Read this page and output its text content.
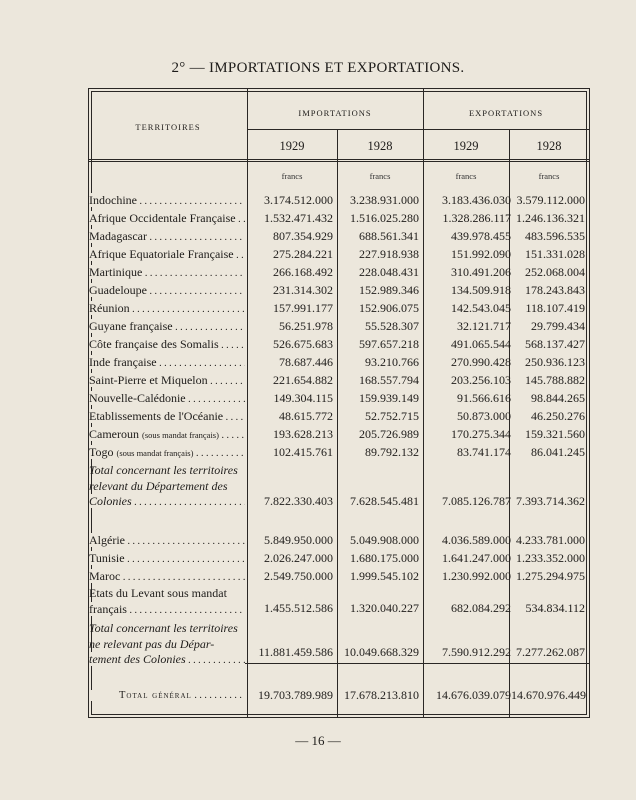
2° — IMPORTATIONS ET EXPORTATIONS.
TERRITOIRES
IMPORTATIONS	EXPORTATIONS
1929	1928	1929	1928
francs	francs	francs	francs
Indochine . . .	3.174.512.000	3.238.931.000	3.183.436.030 3.579.112.000
Afrique Occidentale Française . . .	1.532.471.432	1.516.025.280	1.328.286.117 1.246.136.321
Madagascar . . .	807.354.929	688.561.341	439.978.455	483.596.535
Afrique Equatoriale Française . . .	275.284.221	227.918.938	151.992.090	151.331.028
Martinique . . .	266.168.492	228.048.431	310.491.206	252.068.004
Guadeloupe . . .	231.314.302	152.989.346	134.509.918	178.243.843
Réunion . . .	157.991.177	152.906.075	142.543.045	118.107.419
Guyane française . . .	56.251.978	55.528.307	32.121.717	29.799.434
Côte française des Somalis . . .	526.675.683	597.657.218	491.065.544	568.137.427
Inde française . . .	78.687.446	93.210.766	270.990.428	250.936.123
Saint-Pierre et Miquelon . . .	221.654.882	168.557.794	203.256.103	145.788.882
Nouvelle-Calédonie . . .	149.304.115	159.939.149	91.566.616	98.844.265
Etablissements de l'Océanie . . .	48.615.772	52.752.715	50.873.000	46.250.276
Cameroun (sous mandat français) . . .	193.628.213	205.726.989	170.275.344	159.321.560
Togo (sous mandat français) . . .	102.415.761	89.792.132	83.741.174	86.041.245
Total concernant les territoires
relevant du Département des
Colonies . . .	7.822.330.403	7.628.545.481	7.085.126.787 7.393.714.362
Algérie . . .	5.849.950.000	5.049.908.000	4.036.589.000 4.233.781.000
Tunisie . . .	2.026.247.000	1.680.175.000	1.641.247.000 1.233.352.000
Maroc . . .	2.549.750.000	1.999.545.102	1.230.992.000 1.275.294.975
Etats du Levant sous mandat
français . . .	1.455.512.586	1.320.040.227	682.084.292	534.834.112
Total concernant les territoires
ne relevant pas du Dépar-
tement des Colonies . . .	11.881.459.586 10.049.668.329	7.590.912.292 7.277.262.087
Total général . . .	19.703.789.989 17.678.213.810	14.676.039.079 14.670.976.449
— 16 —
